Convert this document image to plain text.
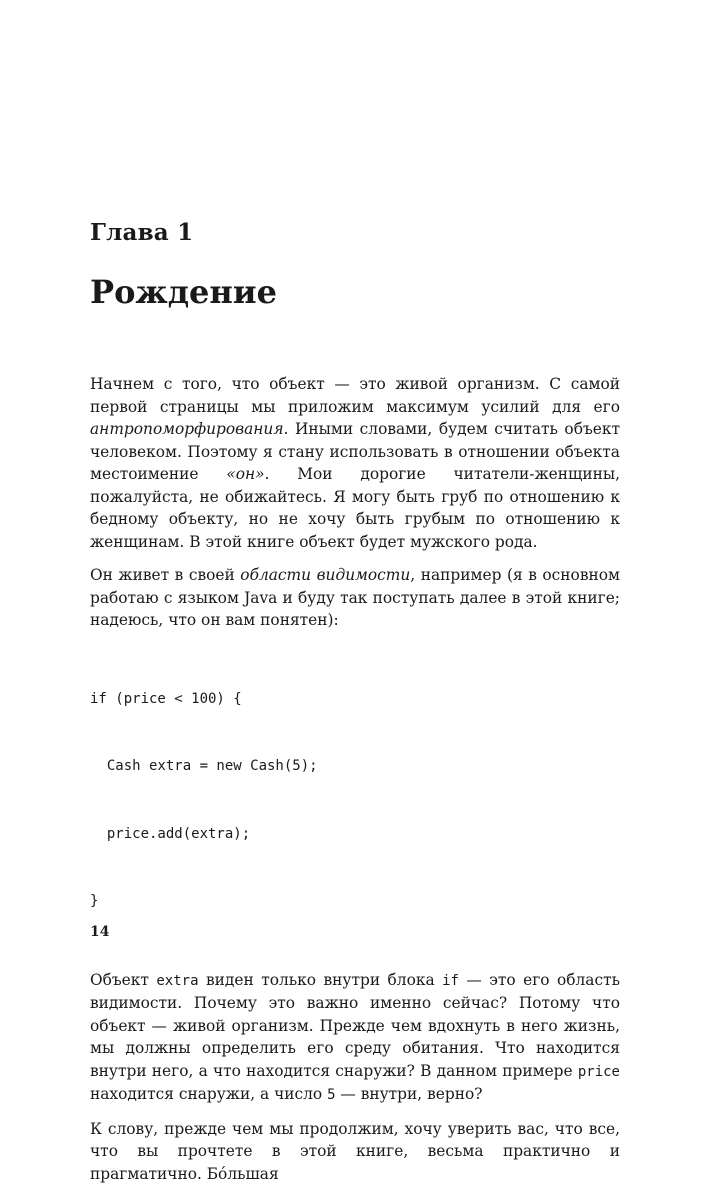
Глава 1
Рождение

Начнем с того, что объект — это живой организм. С самой первой страницы мы приложим максимум усилий для его антропоморфирования. Иными словами, будем считать объект человеком. Поэтому я стану использовать в отношении объекта местоимение «он». Мои дорогие читатели-женщины, пожалуйста, не обижайтесь. Я могу быть груб по отношению к бедному объекту, но не хочу быть грубым по отношению к женщинам. В этой книге объект будет мужского рода.

Он живет в своей области видимости, например (я в основном работаю с языком Java и буду так поступать далее в этой книге; надеюсь, что он вам понятен):

if (price < 100) {

Cash extra = new Cash(5);

price.add(extra);

}

Объект extra виден только внутри блока if — это его область видимости. Почему это важно именно сейчас? Потому что объект — живой организм. Прежде чем вдохнуть в него жизнь, мы должны определить его среду обитания. Что находится внутри него, а что находится снаружи? В данном примере price находится снаружи, а число 5 — внутри, верно?

К слову, прежде чем мы продолжим, хочу уверить вас, что все, что вы прочтете в этой книге, весьма практично и прагматично. Бóльшая

14
